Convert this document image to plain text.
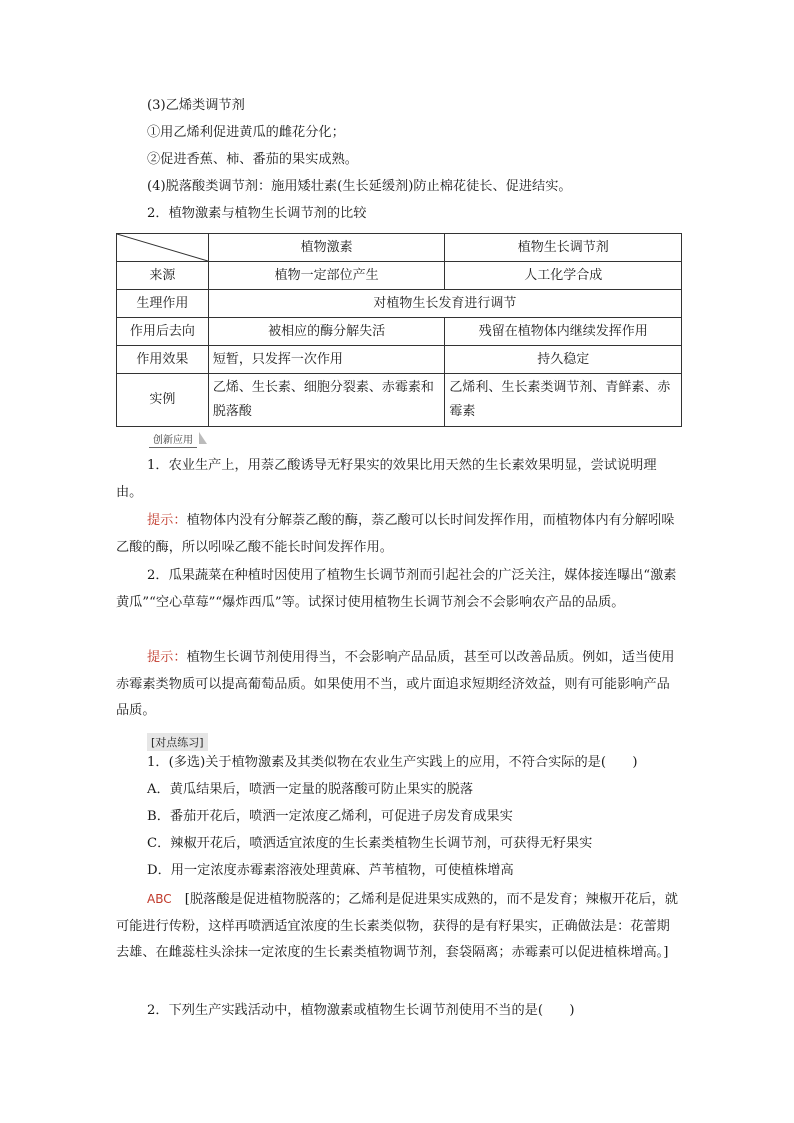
(3)乙烯类调节剂
①用乙烯利促进黄瓜的雌花分化；
②促进香蕉、柿、番茄的果实成熟。
(4)脱落酸类调节剂：施用矮壮素(生长延缓剂)防止棉花徒长、促进结实。
2．植物激素与植物生长调节剂的比较
	植物激素	植物生长调节剂
来源	植物一定部位产生	人工化学合成
生理作用	对植物生长发育进行调节	
作用后去向	被相应的酶分解失活	残留在植物体内继续发挥作用
作用效果	短暂，只发挥一次作用	持久稳定
实例	乙烯、生长素、细胞分裂素、赤霉素和脱落酸	乙烯利、生长素类调节剂、青鲜素、赤霉素
创新应用
1．农业生产上，用萘乙酸诱导无籽果实的效果比用天然的生长素效果明显，尝试说明理由。
提示：植物体内没有分解萘乙酸的酶，萘乙酸可以长时间发挥作用，而植物体内有分解吲哚乙酸的酶，所以吲哚乙酸不能长时间发挥作用。
2．瓜果蔬菜在种植时因使用了植物生长调节剂而引起社会的广泛关注，媒体接连曝出“激素黄瓜”“空心草莓”“爆炸西瓜”等。试探讨使用植物生长调节剂会不会影响农产品的品质。
提示：植物生长调节剂使用得当，不会影响产品品质，甚至可以改善品质。例如，适当使用赤霉素类物质可以提高葡萄品质。如果使用不当，或片面追求短期经济效益，则有可能影响产品品质。
[对点练习]
1．(多选)关于植物激素及其类似物在农业生产实践上的应用，不符合实际的是(　　)
A．黄瓜结果后，喷洒一定量的脱落酸可防止果实的脱落
B．番茄开花后，喷洒一定浓度乙烯利，可促进子房发育成果实
C．辣椒开花后，喷洒适宜浓度的生长素类植物生长调节剂，可获得无籽果实
D．用一定浓度赤霉素溶液处理黄麻、芦苇植物，可使植株增高
ABC　 [脱落酸是促进植物脱落的；乙烯利是促进果实成熟的，而不是发育；辣椒开花后，就可能进行传粉，这样再喷洒适宜浓度的生长素类似物，获得的是有籽果实，正确做法是：花蕾期去雄、在雌蕊柱头涂抹一定浓度的生长素类植物调节剂，套袋隔离；赤霉素可以促进植株增高。]
2．下列生产实践活动中，植物激素或植物生长调节剂使用不当的是(　　)
